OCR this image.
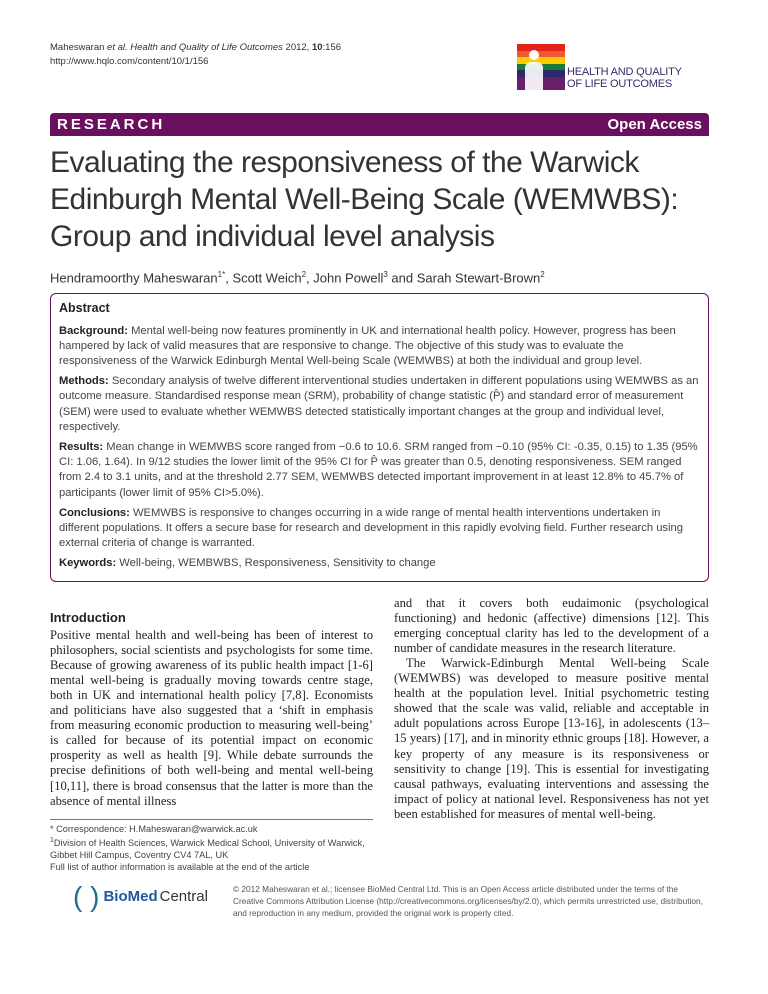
Maheswaran et al. Health and Quality of Life Outcomes 2012, 10:156
http://www.hqlo.com/content/10/1/156
HEALTH AND QUALITY
OF LIFE OUTCOMES
RESEARCH	Open Access
Evaluating the responsiveness of the Warwick Edinburgh Mental Well-Being Scale (WEMWBS): Group and individual level analysis
Hendramoorthy Maheswaran$^{1*}$, Scott Weich$^2$, John Powell$^3$ and Sarah Stewart-Brown$^2$
Abstract

Background: Mental well-being now features prominently in UK and international health policy. However, progress has been hampered by lack of valid measures that are responsive to change. The objective of this study was to evaluate the responsiveness of the Warwick Edinburgh Mental Well-being Scale (WEMWBS) at both the individual and group level.

Methods: Secondary analysis of twelve different interventional studies undertaken in different populations using WEMWBS as an outcome measure. Standardised response mean (SRM), probability of change statistic (P̂) and standard error of measurement (SEM) were used to evaluate whether WEMWBS detected statistically important changes at the group and individual level, respectively.

Results: Mean change in WEMWBS score ranged from −0.6 to 10.6. SRM ranged from −0.10 (95% CI: -0.35, 0.15) to 1.35 (95% CI: 1.06, 1.64). In 9/12 studies the lower limit of the 95% CI for P̂ was greater than 0.5, denoting responsiveness. SEM ranged from 2.4 to 3.1 units, and at the threshold 2.77 SEM, WEMWBS detected important improvement in at least 12.8% to 45.7% of participants (lower limit of 95% CI>5.0%).

Conclusions: WEMWBS is responsive to changes occurring in a wide range of mental health interventions undertaken in different populations. It offers a secure base for research and development in this rapidly evolving field. Further research using external criteria of change is warranted.

Keywords: Well-being, WEMBWBS, Responsiveness, Sensitivity to change

Introduction

Positive mental health and well-being has been of interest to philosophers, social scientists and psychologists for some time. Because of growing awareness of its public health impact [1-6] mental well-being is gradually moving towards centre stage, both in UK and international health policy [7,8]. Economists and politicians have also suggested that a ‘shift in emphasis from measuring economic production to measuring well-being’ is called for because of its potential impact on economic prosperity as well as health [9]. While debate surrounds the precise definitions of both well-being and mental well-being [10,11], there is broad consensus that the latter is more than the absence of mental illness

* Correspondence: H.Maheswaran@warwick.ac.uk
$^1$Division of Health Sciences, Warwick Medical School, University of Warwick, Gibbet Hill Campus, Coventry CV4 7AL, UK
Full list of author information is available at the end of the article

and that it covers both eudaimonic (psychological functioning) and hedonic (affective) dimensions [12]. This emerging conceptual clarity has led to the development of a number of candidate measures in the research literature.

The Warwick-Edinburgh Mental Well-being Scale (WEMWBS) was developed to measure positive mental health at the population level. Initial psychometric testing showed that the scale was valid, reliable and acceptable in adult populations across Europe [13-16], in adolescents (13–15 years) [17], and in minority ethnic groups [18]. However, a key property of any measure is its responsiveness or sensitivity to change [19]. This is essential for investigating causal pathways, evaluating interventions and assessing the impact of policy at national level. Responsiveness has not yet been established for measures of mental well-being.

( ) BioMed Central	© 2012 Maheswaran et al.; licensee BioMed Central Ltd. This is an Open Access article distributed under the terms of the Creative Commons Attribution License (http://creativecommons.org/licenses/by/2.0), which permits unrestricted use, distribution, and reproduction in any medium, provided the original work is properly cited.
